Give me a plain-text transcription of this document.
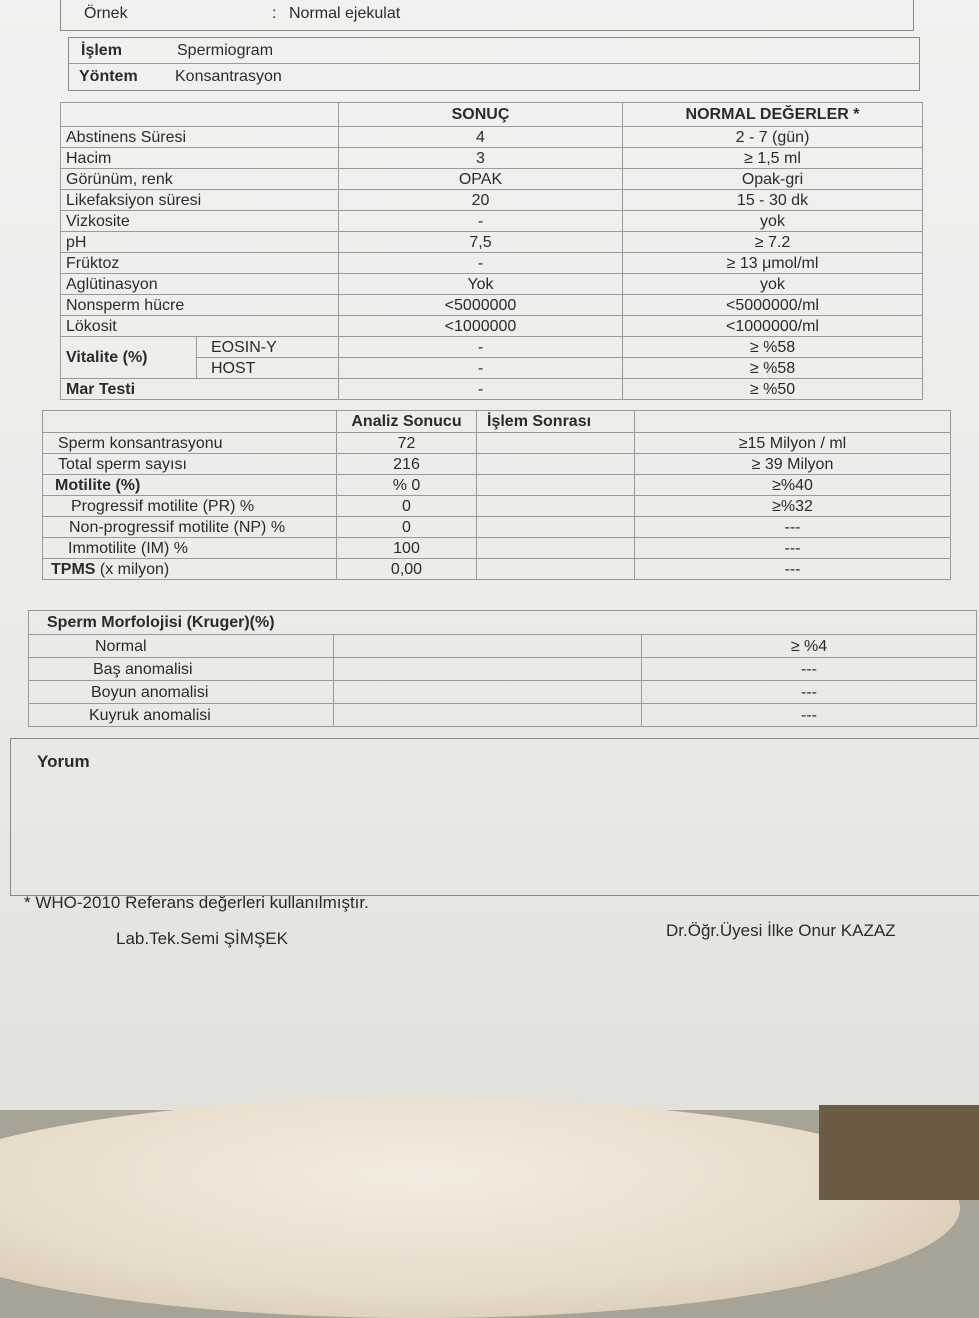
Örnek	: Normal ejekulat
İşlem	Spermiogram
Yöntem Konsantrasyon
		SONUÇ	NORMAL DEĞERLER *
Abstinens Süresi		4	2 - 7 (gün)
Hacim		3	≥ 1,5 ml
Görünüm, renk		OPAK	Opak-gri
Likefaksiyon süresi		20	15 - 30 dk
Vizkosite		-	yok
pH		7,5	≥ 7.2
Früktoz		-	≥ 13 μmol/ml
Aglütinasyon		Yok	yok
Nonsperm hücre		<5000000	<5000000/ml
Lökosit		<1000000	<1000000/ml
Vitalite (%)	EOSIN-Y	-	≥ %58
	HOST	-	≥ %58
Mar Testi		-	≥ %50
	Analiz Sonucu	İşlem Sonrası	
Sperm konsantrasyonu	72		≥15 Milyon / ml
Total sperm sayısı	216		≥ 39 Milyon
Motilite (%)	% 0		≥%40
Progressif motilite (PR) %	0		≥%32
Non-progressif motilite (NP) %	0		---
Immotilite (IM) %	100		---
TPMS (x milyon)	0,00		---
Sperm Morfolojisi (Kruger)(%)		
Normal		≥ %4
Baş anomalisi		---
Boyun anomalisi		---
Kuyruk anomalisi		---
Yorum
* WHO-2010 Referans değerleri kullanılmıştır.
Lab.Tek.Semi ŞİMŞEK	Dr.Öğr.Üyesi İlke Onur KAZAZ
